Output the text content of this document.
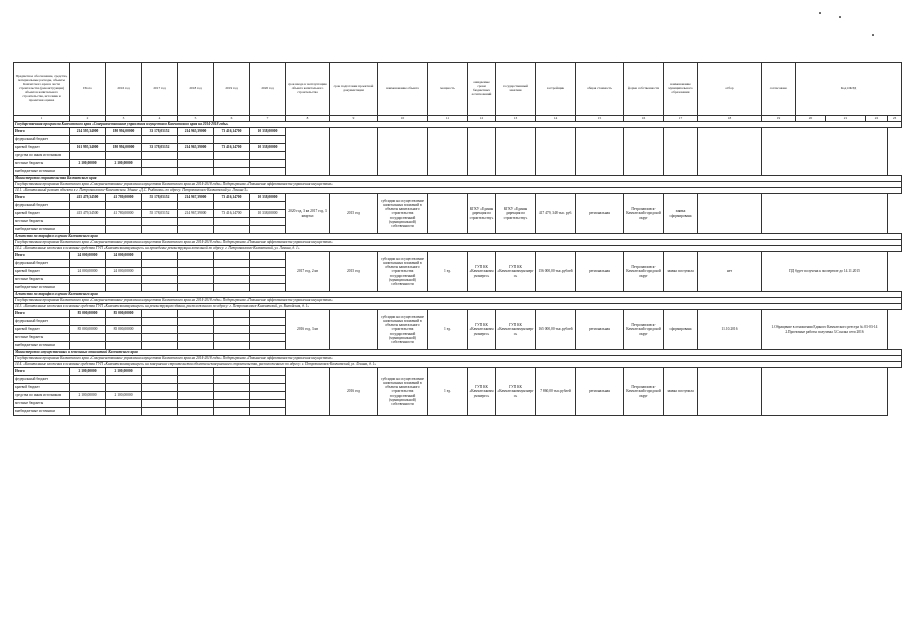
Предметное обоснование, средства, материальные расходы, объекты Камчатского края в части строительства (реконструкции) объектов капитального строительства, источник и проектная оценка	Итого	2016 год	2017 год	2018 год	2019 год	2020 год	срок ввода в эксплуатацию объекта капитального строительства	срок подготовки проектной документации	наименование объекта	мощность	ожидаемые сроки бюджетных ассигнований	государственный заказчик	застройщик	общая стоимость	форма собственности	наименование муниципального образования	отбор	согласовано	Код ОКЭД			
1	2	3	4	5	6	7	8	9	10	11	12	13	14	15	16	17	18	19	20	21	22	23
Государственная программа Камчатского края «Совершенствование управления имуществом Камчатского края на 2014-2018 годы»																						
Итого	214 595,34000	180 994,00000	33 178,05152	214 965,39000	73 416,14700	10 338,00000																
федеральный бюджет																						
краевой бюджет	161 995,34000	180 994,00000	33 178,05152	214 965,39000	73 416,14700	10 338,00000																
средства по иным источникам																						
местные бюджеты	2 100,00000	2 100,00000																				
внебюджетные источники																						
Министерство строительства Камчатского края																						
Государственная программа Камчатского края «Совершенствование управления имуществом Камчатского края на 2014-2018 годы» Подпрограмма «Повышение эффективности управления имуществом»																						
14.1. «Капитальный ремонт объекта в г. Петропавловске-Камчатском. Здание «Д.С. Рыбакова» по адресу: Петропавловск-Камчатский ул. Ленина 5»																						
Итого	415 479,34500	41 780,00000	55 178,05152	214 967,39000	73 416,14700	10 338,00000	2020 год, 3 кв 2017 год, 3 квартал	2015 год	субсидии на осуществление капитальных вложений в объекты капитального строительства государственной (муниципальной) собственности		КГКУ «Единая дирекция по строительству»	КГКУ «Единая дирекция по строительству»	417 479, 348 тыс. руб.	региональная	Петропавловск-Камчатский городской округ	заявка сформирована						
федеральный бюджет																						
краевой бюджет	415 479,34500	41 780,00000	55 178,05152	214 967,39000	73 416,14700	10 338,00000																
местные бюджеты																						
внебюджетные источники																						
Агентство по тарифам и ценам Камчатского края																						
Государственная программа Камчатского края «Совершенствование управления имуществом Камчатского края на 2014-2018 годы» Подпрограмма «Повышение эффективности управления имуществом»																						
14.2. «Капитальные вложения в основные средства ГУП «Камчатсккоммунэнерго» на проведение реконструкции котельной по адресу: г. Петропавловск-Камчатский, ул. Ленина, д. 1»																						
Итого	24 000,00000	24 000,00000					2017 год, 2 кв	2015 год	субсидии на осуществление капитальных вложений в объекты капитального строительства государственной (муниципальной) собственности	1 ед.	ГУП КК «Камчатсккоммунэнерго»	ГУП КК «Камчатсккоммунэнерго»	156 000,00 тыс.рублей	региональная	Петропавловск-Камчатский городской округ	заявка поступила	нет	ПД будет получена к экспертизе до 14.11.2015				
федеральный бюджет																						
краевой бюджет	24 000,00000	24 000,00000																				
местные бюджеты																						
внебюджетные источники																						
Агентство по тарифам и ценам Камчатского края																						
Государственная программа Камчатского края «Совершенствование управления имуществом Камчатского края на 2014-2018 годы» Подпрограмма «Повышение эффективности управления имуществом»																						
14.3. «Капитальные вложения в основные средства ГУП «Камчатсккоммунэнерго» на реконструкцию здания, расположенного по адресу: г. Петропавловск-Камчатский, ул. Вилюйская, д. 1»																						
Итого	85 000,00000	85 000,00000					2016 год, 3 кв		субсидии на осуществление капитальных вложений в объекты капитального строительства государственной (муниципальной) собственности	1 ед.	ГУП КК «Камчатсккоммунэнерго»	ГУП КК «Камчатсккоммунэнерго»	165 000,00 тыс.рублей	региональная	Петропавловск-Камчатский городской округ	сформирована	11.10.2016	1.Обращение в отношении Единого Камчатского реестра № 03-03-14 2.Проектные работы получены 3.Ссылка сети 2016				
федеральный бюджет																						
краевой бюджет	85 000,00000	85 000,00000																				
местные бюджеты																						
внебюджетные источники																						
Министерство имущественных и земельных отношений Камчатского края																						
Государственная программа Камчатского края «Совершенствование управления имуществом Камчатского края на 2014-2018 годы» Подпрограмма «Повышение эффективности управления имуществом»																						
14.4. «Капитальные вложения в основные средства ГУП «Камчатсккоммунэнерго» на завершение строительства объекта незавершенного строительства, расположенного по адресу: г. Петропавловск-Камчатский, ул. Ленина, д. 1»																						
Итого	2 100,00000	2 100,00000						2016 год	субсидии на осуществление капитальных вложений в объекты капитального строительства государственной (муниципальной) собственности	1 ед.	ГУП КК «Камчатсккоммунэнерго»	ГУП КК «Камчатсккоммунэнерго»	7 860,00 тыс.рублей	региональная	Петропавловск-Камчатский городской округ	заявка поступила						
федеральный бюджет																						
краевой бюджет																						
средства по иным источникам	2 100,00000	2 100,00000																				
местные бюджеты																						
внебюджетные источники																						
